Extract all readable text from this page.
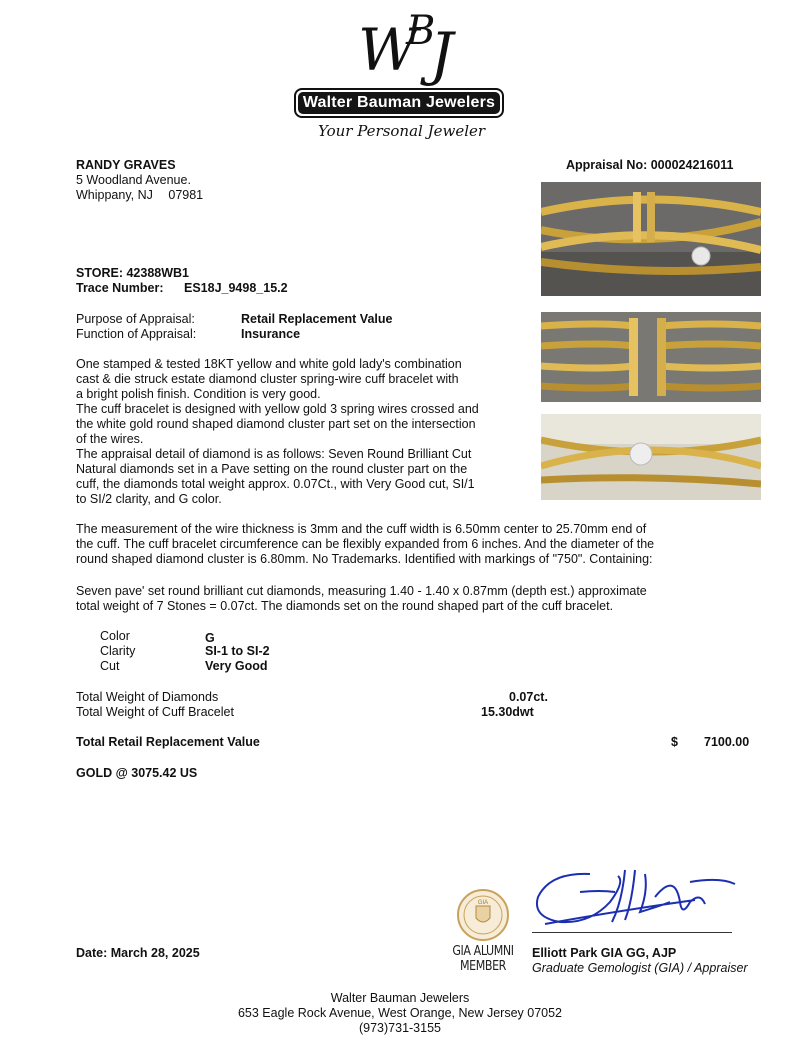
W
B J
Walter Bauman Jewelers
Your Personal Jeweler
RANDY GRAVES
5 Woodland Avenue.
Whippany, NJ 07981
Appraisal No: 000024216011
STORE: 42388WB1
Trace Number: ES18J_9498_15.2
Purpose of Appraisal:	Retail Replacement Value
Function of Appraisal:	Insurance
One stamped & tested 18KT yellow and white gold lady's combination
cast & die struck estate diamond cluster spring-wire cuff bracelet with
a bright polish finish. Condition is very good.
The cuff bracelet is designed with yellow gold 3 spring wires crossed and
the white gold round shaped diamond cluster part set on the intersection
of the wires.
The appraisal detail of diamond is as follows: Seven Round Brilliant Cut
Natural diamonds set in a Pave setting on the round cluster part on the
cuff, the diamonds total weight approx. 0.07Ct., with Very Good cut, SI/1
to SI/2 clarity, and G color.
The measurement of the wire thickness is 3mm and the cuff width is 6.50mm center to 25.70mm end of
the cuff. The cuff bracelet circumference can be flexibly expanded from 6 inches. And the diameter of the
round shaped diamond cluster is 6.80mm. No Trademarks. Identified with markings of "750". Containing:
Seven pave' set round brilliant cut diamonds, measuring 1.40 - 1.40 x 0.87mm (depth est.) approximate
total weight of 7 Stones = 0.07ct. The diamonds set on the round shaped part of the cuff bracelet.
Color	G
Clarity	SI-1 to SI-2
Cut	Very Good
Total Weight of Diamonds	0.07ct.
Total Weight of Cuff Bracelet	15.30dwt
Total Retail Replacement Value	$ 7100.00
GOLD @ 3075.42 US
Date: March 28, 2025
GIA
GIA ALUMNI
MEMBER
Elliott Park GIA GG, AJP
Graduate Gemologist (GIA) / Appraiser
Walter Bauman Jewelers
653 Eagle Rock Avenue, West Orange, New Jersey 07052
(973)731-3155
